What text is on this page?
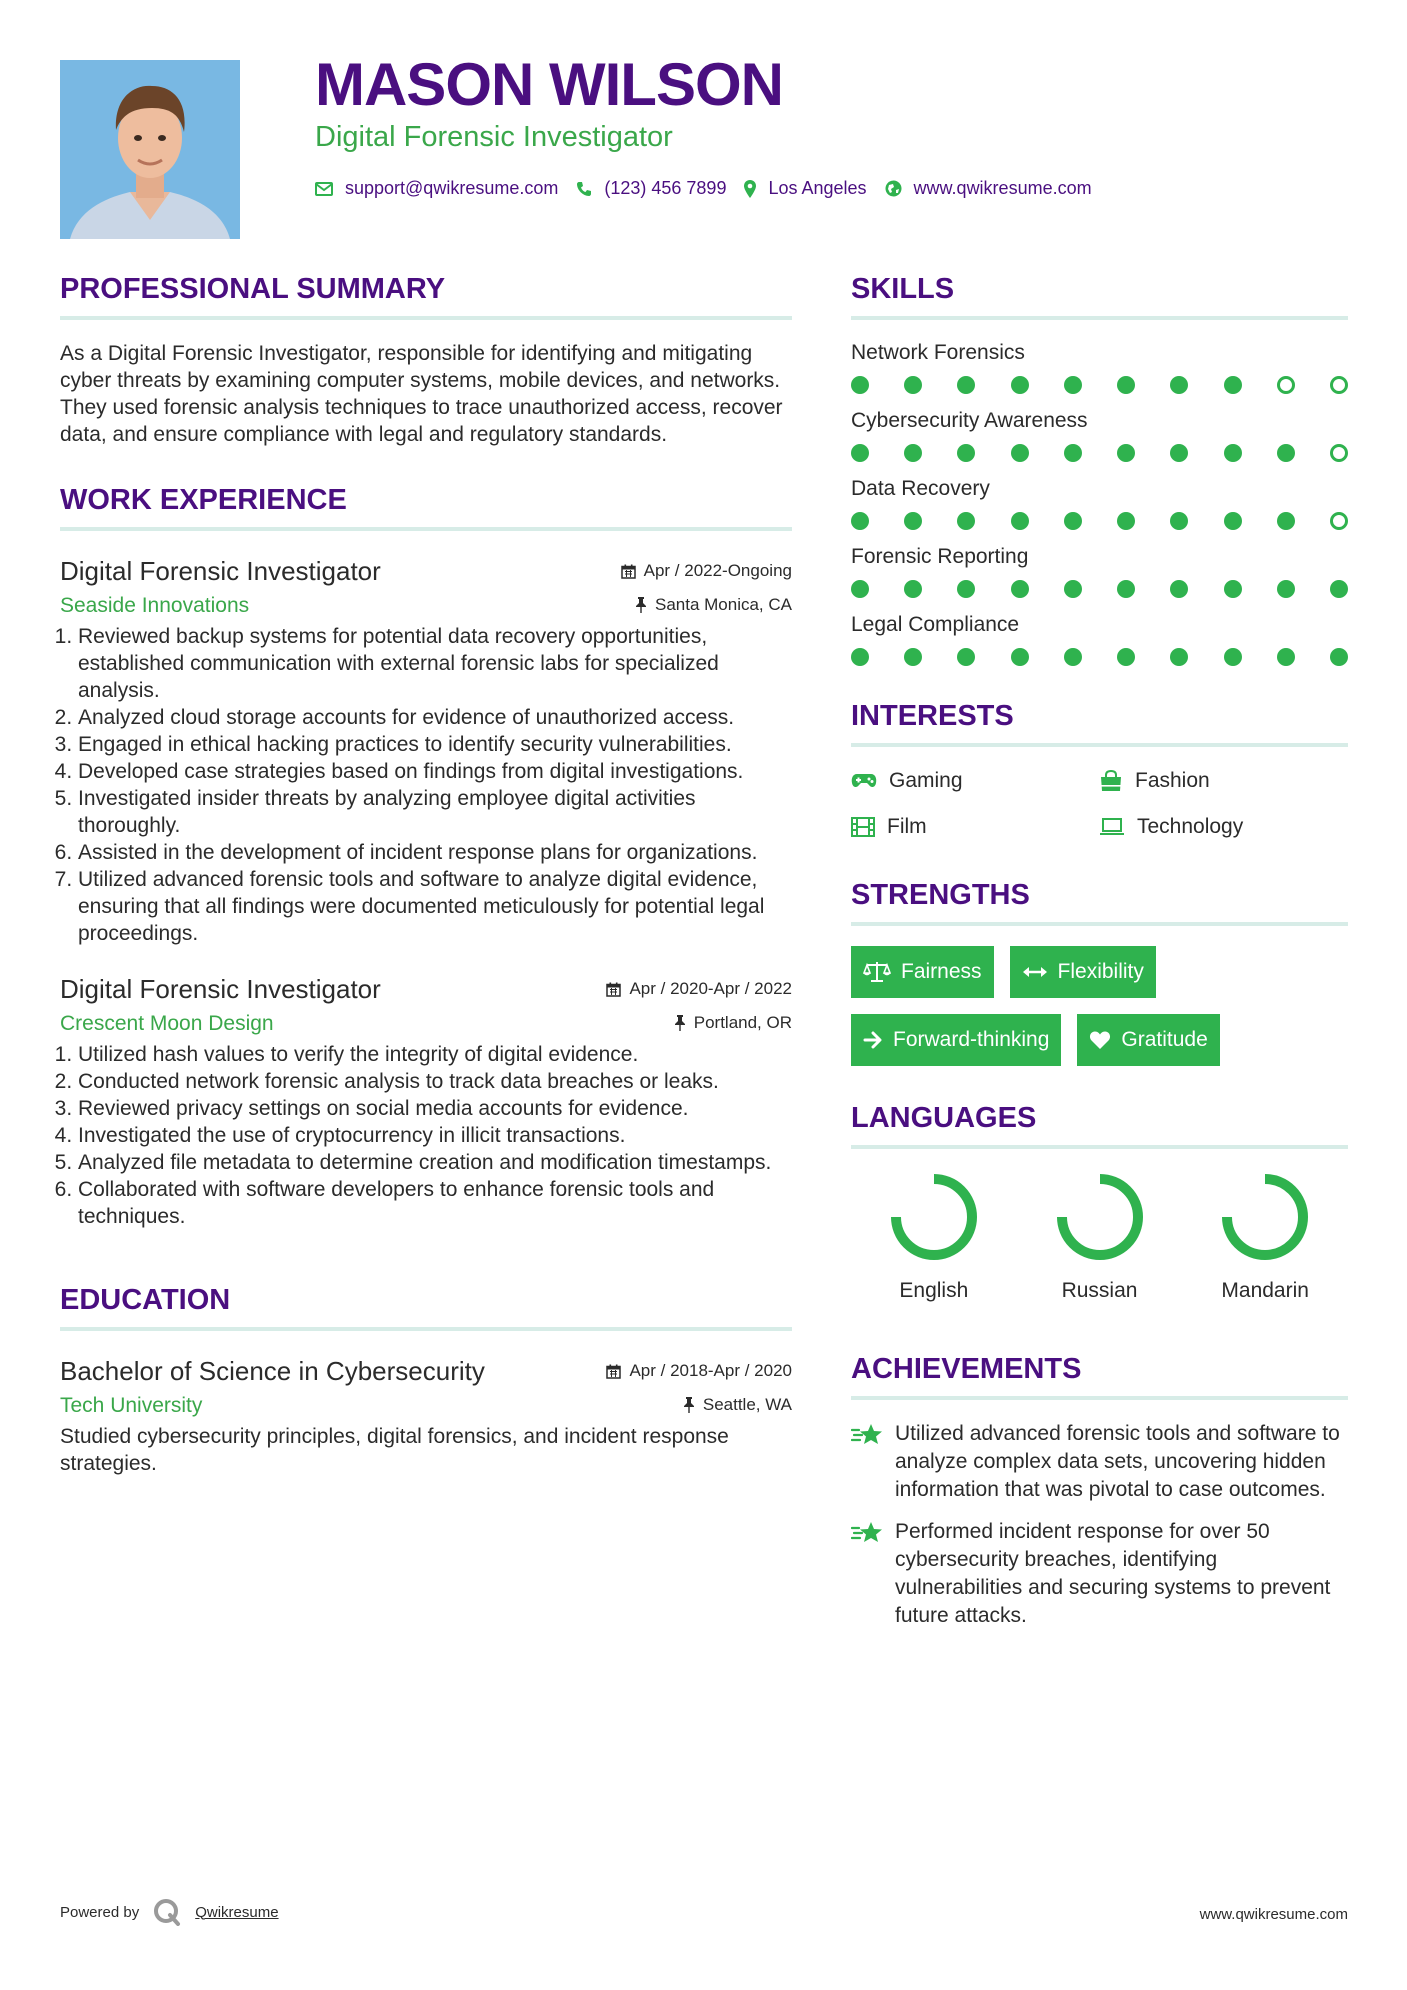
MASON WILSON
Digital Forensic Investigator
support@qwikresume.com	(123) 456 7899 Los Angeles	www.qwikresume.com
PROFESSIONAL SUMMARY

As a Digital Forensic Investigator, responsible for identifying and mitigating cyber threats by examining computer systems, mobile devices, and networks. They used forensic analysis techniques to trace unauthorized access, recover data, and ensure compliance with legal and regulatory standards.

WORK EXPERIENCE
Digital Forensic Investigator
Seaside Innovations
Apr / 2022-Ongoing
Santa Monica, CA
1. Reviewed backup systems for potential data recovery opportunities, established communication with external forensic labs for specialized analysis.
2. Analyzed cloud storage accounts for evidence of unauthorized access.
3. Engaged in ethical hacking practices to identify security vulnerabilities.
4. Developed case strategies based on findings from digital investigations.
5. Investigated insider threats by analyzing employee digital activities thoroughly.
6. Assisted in the development of incident response plans for organizations.
7. Utilized advanced forensic tools and software to analyze digital evidence, ensuring that all findings were documented meticulously for potential legal proceedings.
Digital Forensic Investigator
Crescent Moon Design
Apr / 2020-Apr / 2022
Portland, OR
1. Utilized hash values to verify the integrity of digital evidence.
2. Conducted network forensic analysis to track data breaches or leaks.
3. Reviewed privacy settings on social media accounts for evidence.
4. Investigated the use of cryptocurrency in illicit transactions.
5. Analyzed file metadata to determine creation and modification timestamps.
6. Collaborated with software developers to enhance forensic tools and techniques.
EDUCATION
Bachelor of Science in Cybersecurity
Tech University
Apr / 2018-Apr / 2020
Seattle, WA

Studied cybersecurity principles, digital forensics, and incident response strategies.

SKILLS
Network Forensics
Cybersecurity Awareness
Data Recovery
Forensic Reporting
Legal Compliance
INTERESTS
Gaming	Fashion
Film	Technology
STRENGTHS
Fairness	Flexibility
Forward-thinking	Gratitude
LANGUAGES
English	Russian	Mandarin
ACHIEVEMENTS
Utilized advanced forensic tools and software to analyze complex data sets, uncovering hidden information that was pivotal to case outcomes.
Performed incident response for over 50 cybersecurity breaches, identifying vulnerabilities and securing systems to prevent future attacks.
Powered by	Qwikresume	www.qwikresume.com
